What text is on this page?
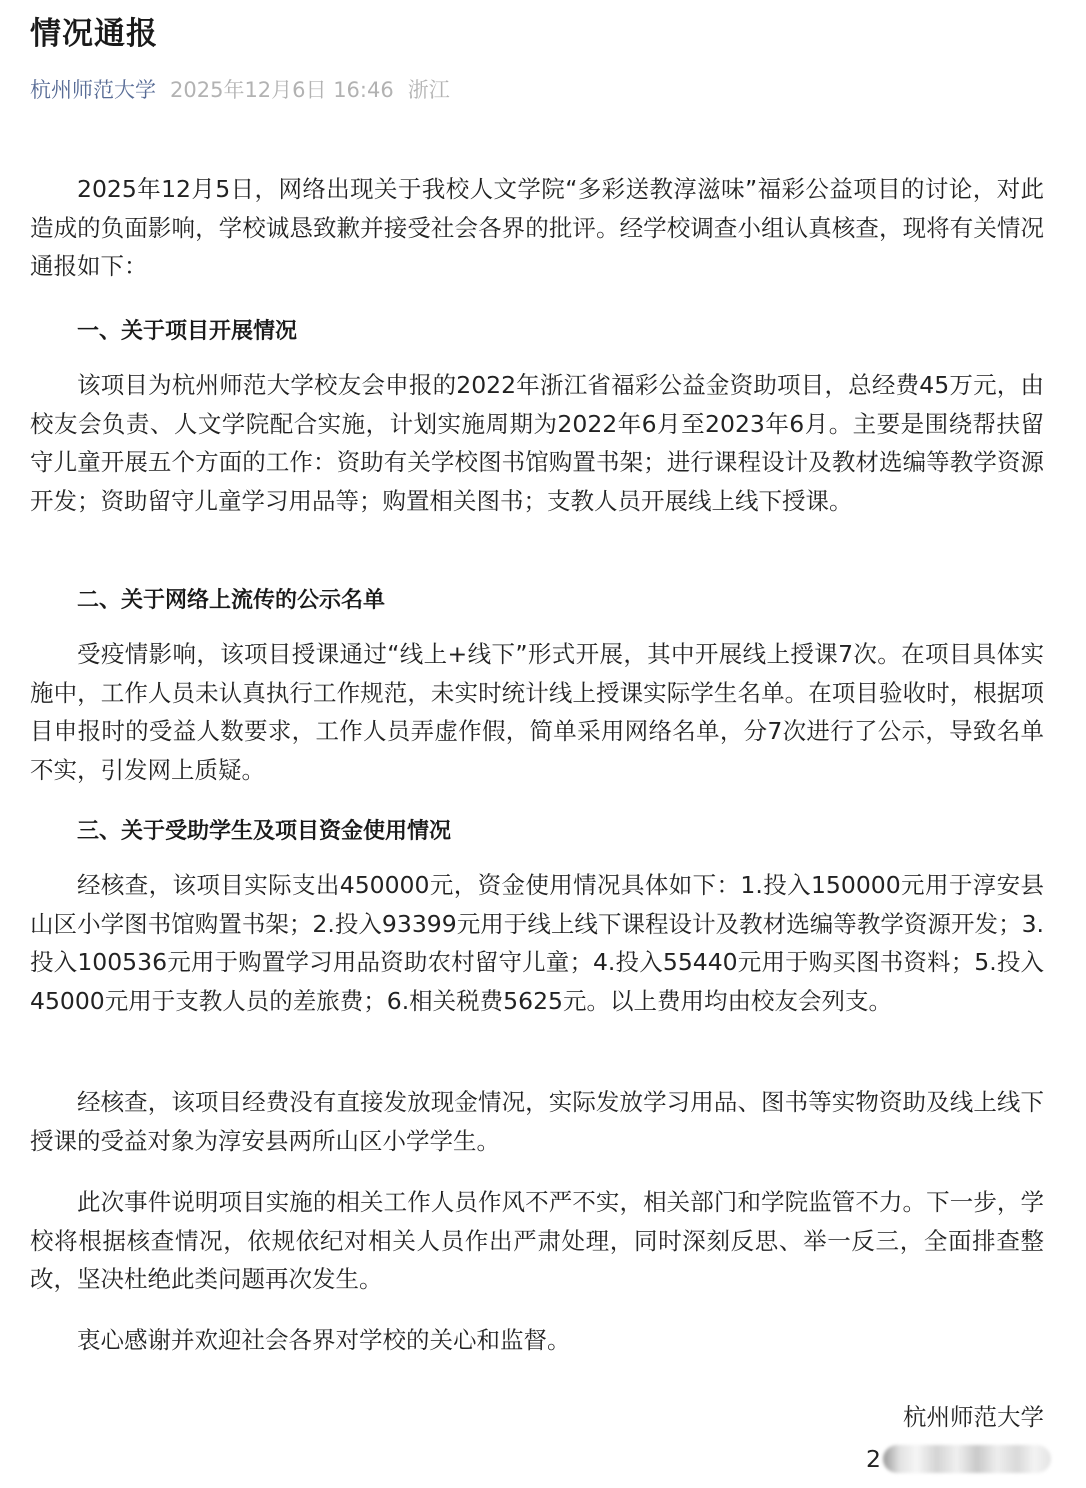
情况通报
杭州师范大学 2025年12月6日 16:46 浙江
2025年12月5日，网络出现关于我校人文学院“多彩送教淳滋味”福彩公益项目的讨论，对此造成的负面影响，学校诚恳致歉并接受社会各界的批评。经学校调查小组认真核查，现将有关情况通报如下：
一、关于项目开展情况
该项目为杭州师范大学校友会申报的2022年浙江省福彩公益金资助项目，总经费45万元，由校友会负责、人文学院配合实施，计划实施周期为2022年6月至2023年6月。主要是围绕帮扶留守儿童开展五个方面的工作：资助有关学校图书馆购置书架；进行课程设计及教材选编等教学资源开发；资助留守儿童学习用品等；购置相关图书；支教人员开展线上线下授课。
二、关于网络上流传的公示名单
受疫情影响，该项目授课通过“线上+线下”形式开展，其中开展线上授课7次。在项目具体实施中，工作人员未认真执行工作规范，未实时统计线上授课实际学生名单。在项目验收时，根据项目申报时的受益人数要求，工作人员弄虚作假，简单采用网络名单，分7次进行了公示，导致名单不实，引发网上质疑。
三、关于受助学生及项目资金使用情况
经核查，该项目实际支出450000元，资金使用情况具体如下：1.投入150000元用于淳安县山区小学图书馆购置书架；2.投入93399元用于线上线下课程设计及教材选编等教学资源开发；3.投入100536元用于购置学习用品资助农村留守儿童；4.投入55440元用于购买图书资料；5.投入45000元用于支教人员的差旅费；6.相关税费5625元。以上费用均由校友会列支。
经核查，该项目经费没有直接发放现金情况，实际发放学习用品、图书等实物资助及线上线下授课的受益对象为淳安县两所山区小学学生。
此次事件说明项目实施的相关工作人员作风不严不实，相关部门和学院监管不力。下一步，学校将根据核查情况，依规依纪对相关人员作出严肃处理，同时深刻反思、举一反三，全面排查整改，坚决杜绝此类问题再次发生。
衷心感谢并欢迎社会各界对学校的关心和监督。
杭州师范大学
2
